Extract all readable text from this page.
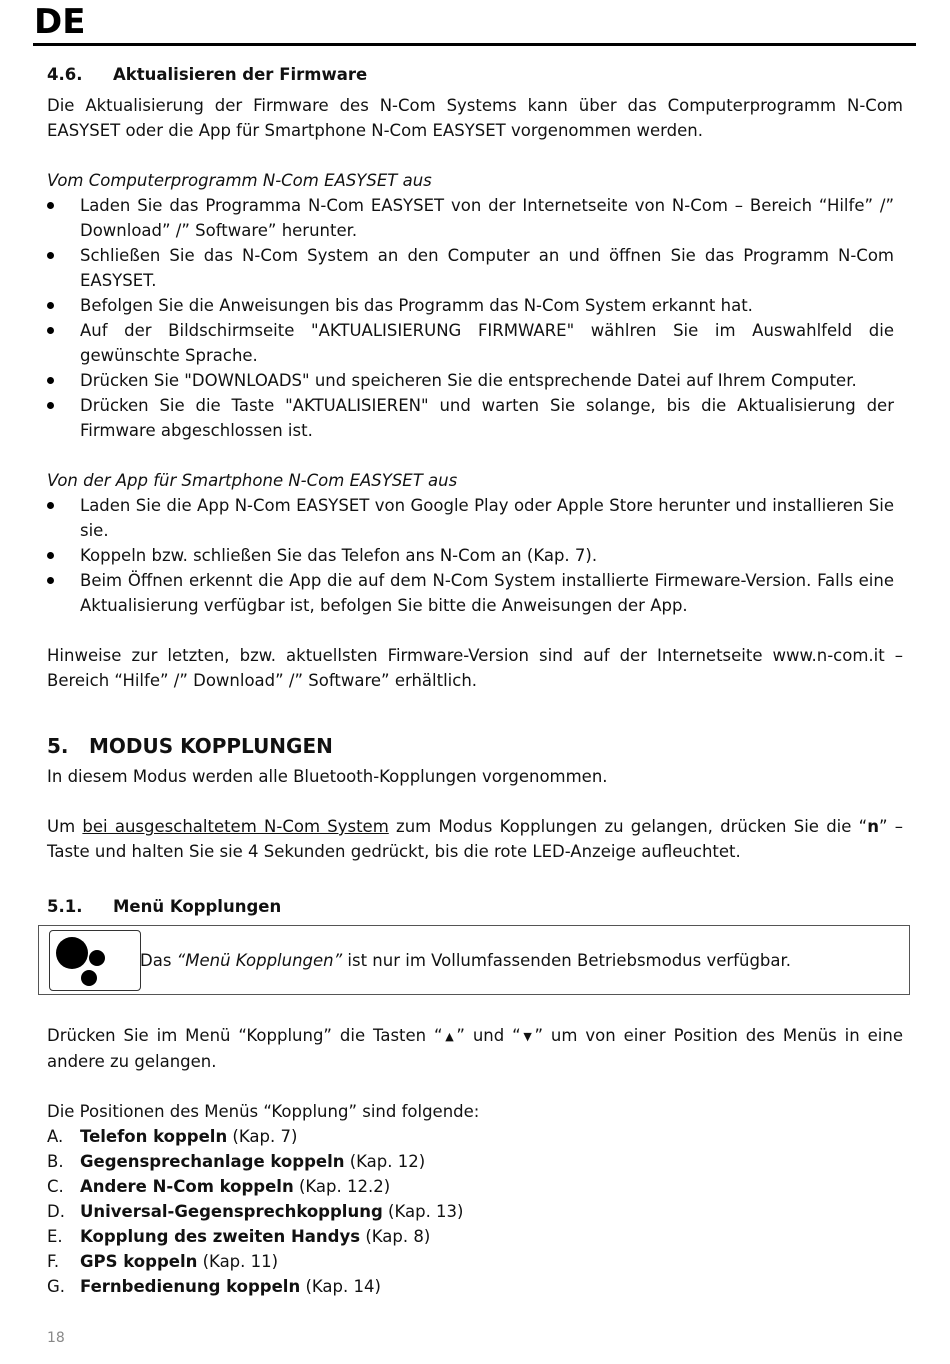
DE

4.6. Aktualisieren der Firmware

Die Aktualisierung der Firmware des N-Com Systems kann über das Computerprogramm N-Com EASYSET oder die App für Smartphone N-Com EASYSET vorgenommen werden.

Vom Computerprogramm N-Com EASYSET aus

Laden Sie das Programma N-Com EASYSET von der Internetseite von N-Com – Bereich “Hilfe” /” Download” /” Software” herunter.
Schließen Sie das N-Com System an den Computer an und öffnen Sie das Programm N-Com EASYSET.
Befolgen Sie die Anweisungen bis das Programm das N-Com System erkannt hat.
Auf der Bildschirmseite "AKTUALISIERUNG FIRMWARE" wählren Sie im Auswahlfeld die gewünschte Sprache.
Drücken Sie "DOWNLOADS" und speicheren Sie die entsprechende Datei auf Ihrem Computer.
Drücken Sie die Taste "AKTUALISIEREN" und warten Sie solange, bis die Aktualisierung der Firmware abgeschlossen ist.

Von der App für Smartphone N-Com EASYSET aus

Laden Sie die App N-Com EASYSET von Google Play oder Apple Store herunter und installieren Sie sie.
Koppeln bzw. schließen Sie das Telefon ans N-Com an (Kap. 7).
Beim Öffnen erkennt die App die auf dem N-Com System installierte Firmeware-Version. Falls eine Aktualisierung verfügbar ist, befolgen Sie bitte die Anweisungen der App.

Hinweise zur letzten, bzw. aktuellsten Firmware-Version sind auf der Internetseite www.n-com.it – Bereich “Hilfe” /” Download” /” Software” erhältlich.

5. MODUS KOPPLUNGEN

In diesem Modus werden alle Bluetooth-Kopplungen vorgenommen.

Um bei ausgeschaltetem N-Com System zum Modus Kopplungen zu gelangen, drücken Sie die “n” – Taste und halten Sie sie 4 Sekunden gedrückt, bis die rote LED-Anzeige aufleuchtet.

5.1. Menü Kopplungen

Das “Menü Kopplungen” ist nur im Vollumfassenden Betriebsmodus verfügbar.

Drücken Sie im Menü “Kopplung” die Tasten “▲” und “▼” um von einer Position des Menüs in eine andere zu gelangen.

Die Positionen des Menüs “Kopplung” sind folgende:

A. Telefon koppeln (Kap. 7)
B. Gegensprechanlage koppeln (Kap. 12)
C. Andere N-Com koppeln (Kap. 12.2)
D. Universal-Gegensprechkopplung (Kap. 13)
E. Kopplung des zweiten Handys (Kap. 8)
F. GPS koppeln (Kap. 11)
G. Fernbedienung koppeln (Kap. 14)
18
